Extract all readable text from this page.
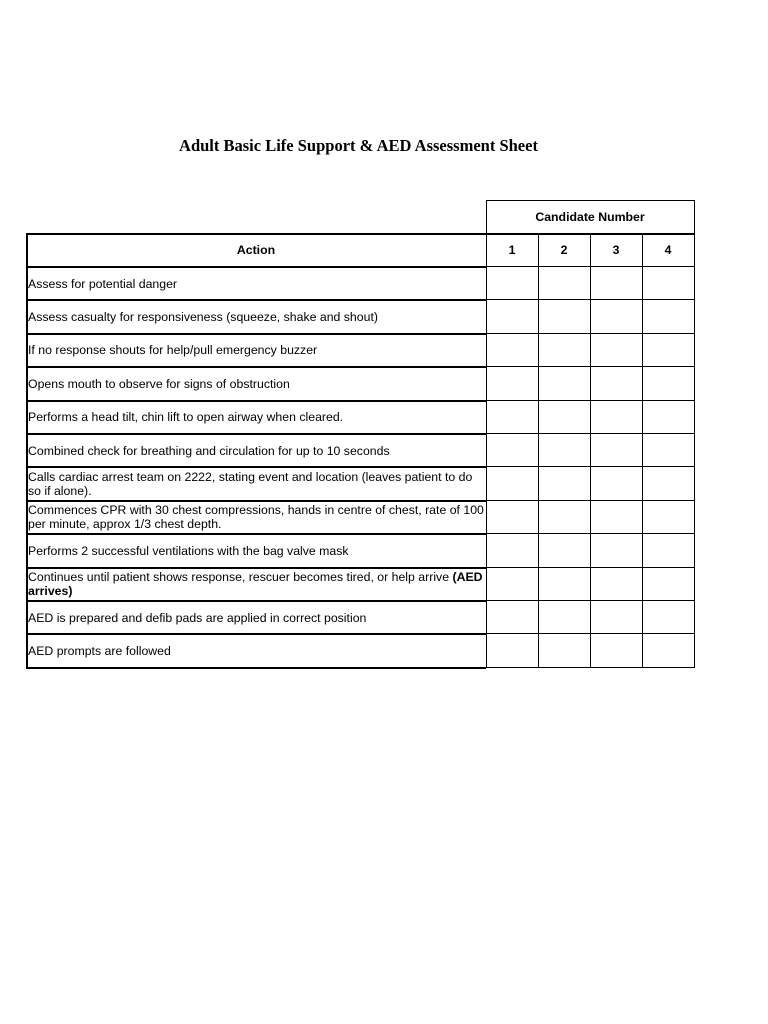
Adult Basic Life Support & AED Assessment Sheet
Candidate Number
Action	1	2	3	4
Assess for potential danger
Assess casualty for responsiveness (squeeze, shake and shout)
If no response shouts for help/pull emergency buzzer
Opens mouth to observe for signs of obstruction
Performs a head tilt, chin lift to open airway when cleared.
Combined check for breathing and circulation for up to 10 seconds
Calls cardiac arrest team on 2222, stating event and location (leaves patient to do so if alone).
Commences CPR with 30 chest compressions, hands in centre of chest, rate of 100 per minute, approx 1/3 chest depth.
Performs 2 successful ventilations with the bag valve mask
Continues until patient shows response, rescuer becomes tired, or help arrive (AED arrives)
AED is prepared and defib pads are applied in correct position
AED prompts are followed
